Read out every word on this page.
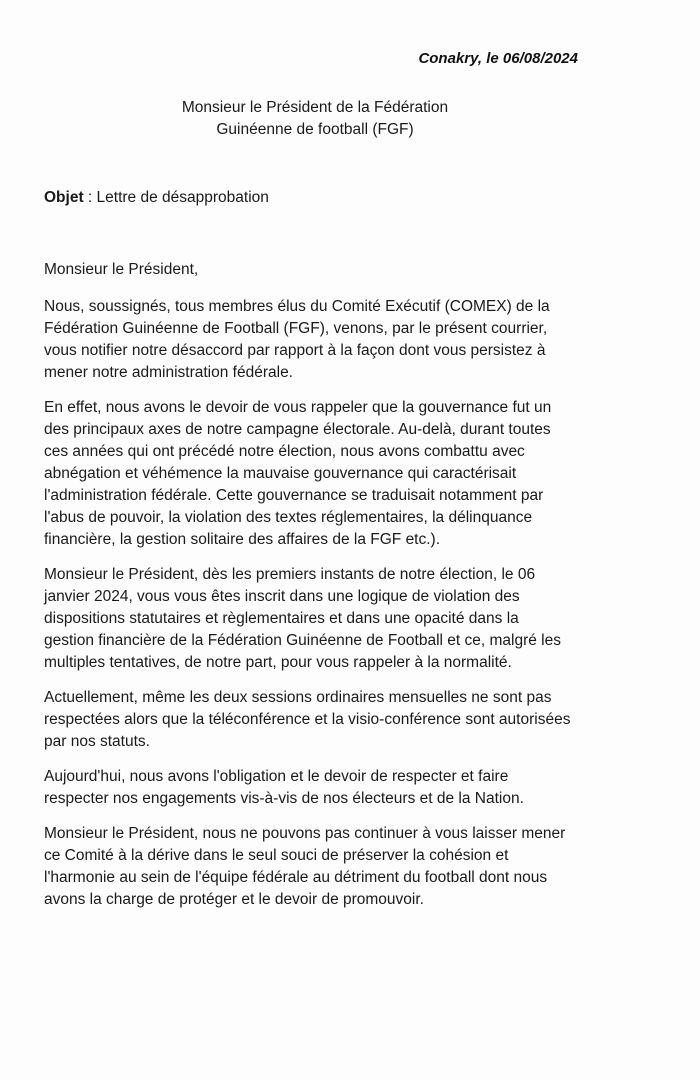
Conakry, le 06/08/2024
Monsieur le Président de la Fédération
Guinéenne de football (FGF)
Objet : Lettre de désapprobation
Monsieur le Président,
Nous, soussignés, tous membres élus du Comité Exécutif (COMEX) de la
Fédération Guinéenne de Football (FGF), venons, par le présent courrier,
vous notifier notre désaccord par rapport à la façon dont vous persistez à
mener notre administration fédérale.
En effet, nous avons le devoir de vous rappeler que la gouvernance fut un
des principaux axes de notre campagne électorale. Au-delà, durant toutes
ces années qui ont précédé notre élection, nous avons combattu avec
abnégation et véhémence la mauvaise gouvernance qui caractérisait
l'administration fédérale. Cette gouvernance se traduisait notamment par
l'abus de pouvoir, la violation des textes réglementaires, la délinquance
financière, la gestion solitaire des affaires de la FGF etc.).
Monsieur le Président, dès les premiers instants de notre élection, le 06
janvier 2024, vous vous êtes inscrit dans une logique de violation des
dispositions statutaires et règlementaires et dans une opacité dans la
gestion financière de la Fédération Guinéenne de Football et ce, malgré les
multiples tentatives, de notre part, pour vous rappeler à la normalité.
Actuellement, même les deux sessions ordinaires mensuelles ne sont pas
respectées alors que la téléconférence et la visio-conférence sont autorisées
par nos statuts.
Aujourd'hui, nous avons l'obligation et le devoir de respecter et faire
respecter nos engagements vis-à-vis de nos électeurs et de la Nation.
Monsieur le Président, nous ne pouvons pas continuer à vous laisser mener
ce Comité à la dérive dans le seul souci de préserver la cohésion et
l'harmonie au sein de l'équipe fédérale au détriment du football dont nous
avons la charge de protéger et le devoir de promouvoir.
